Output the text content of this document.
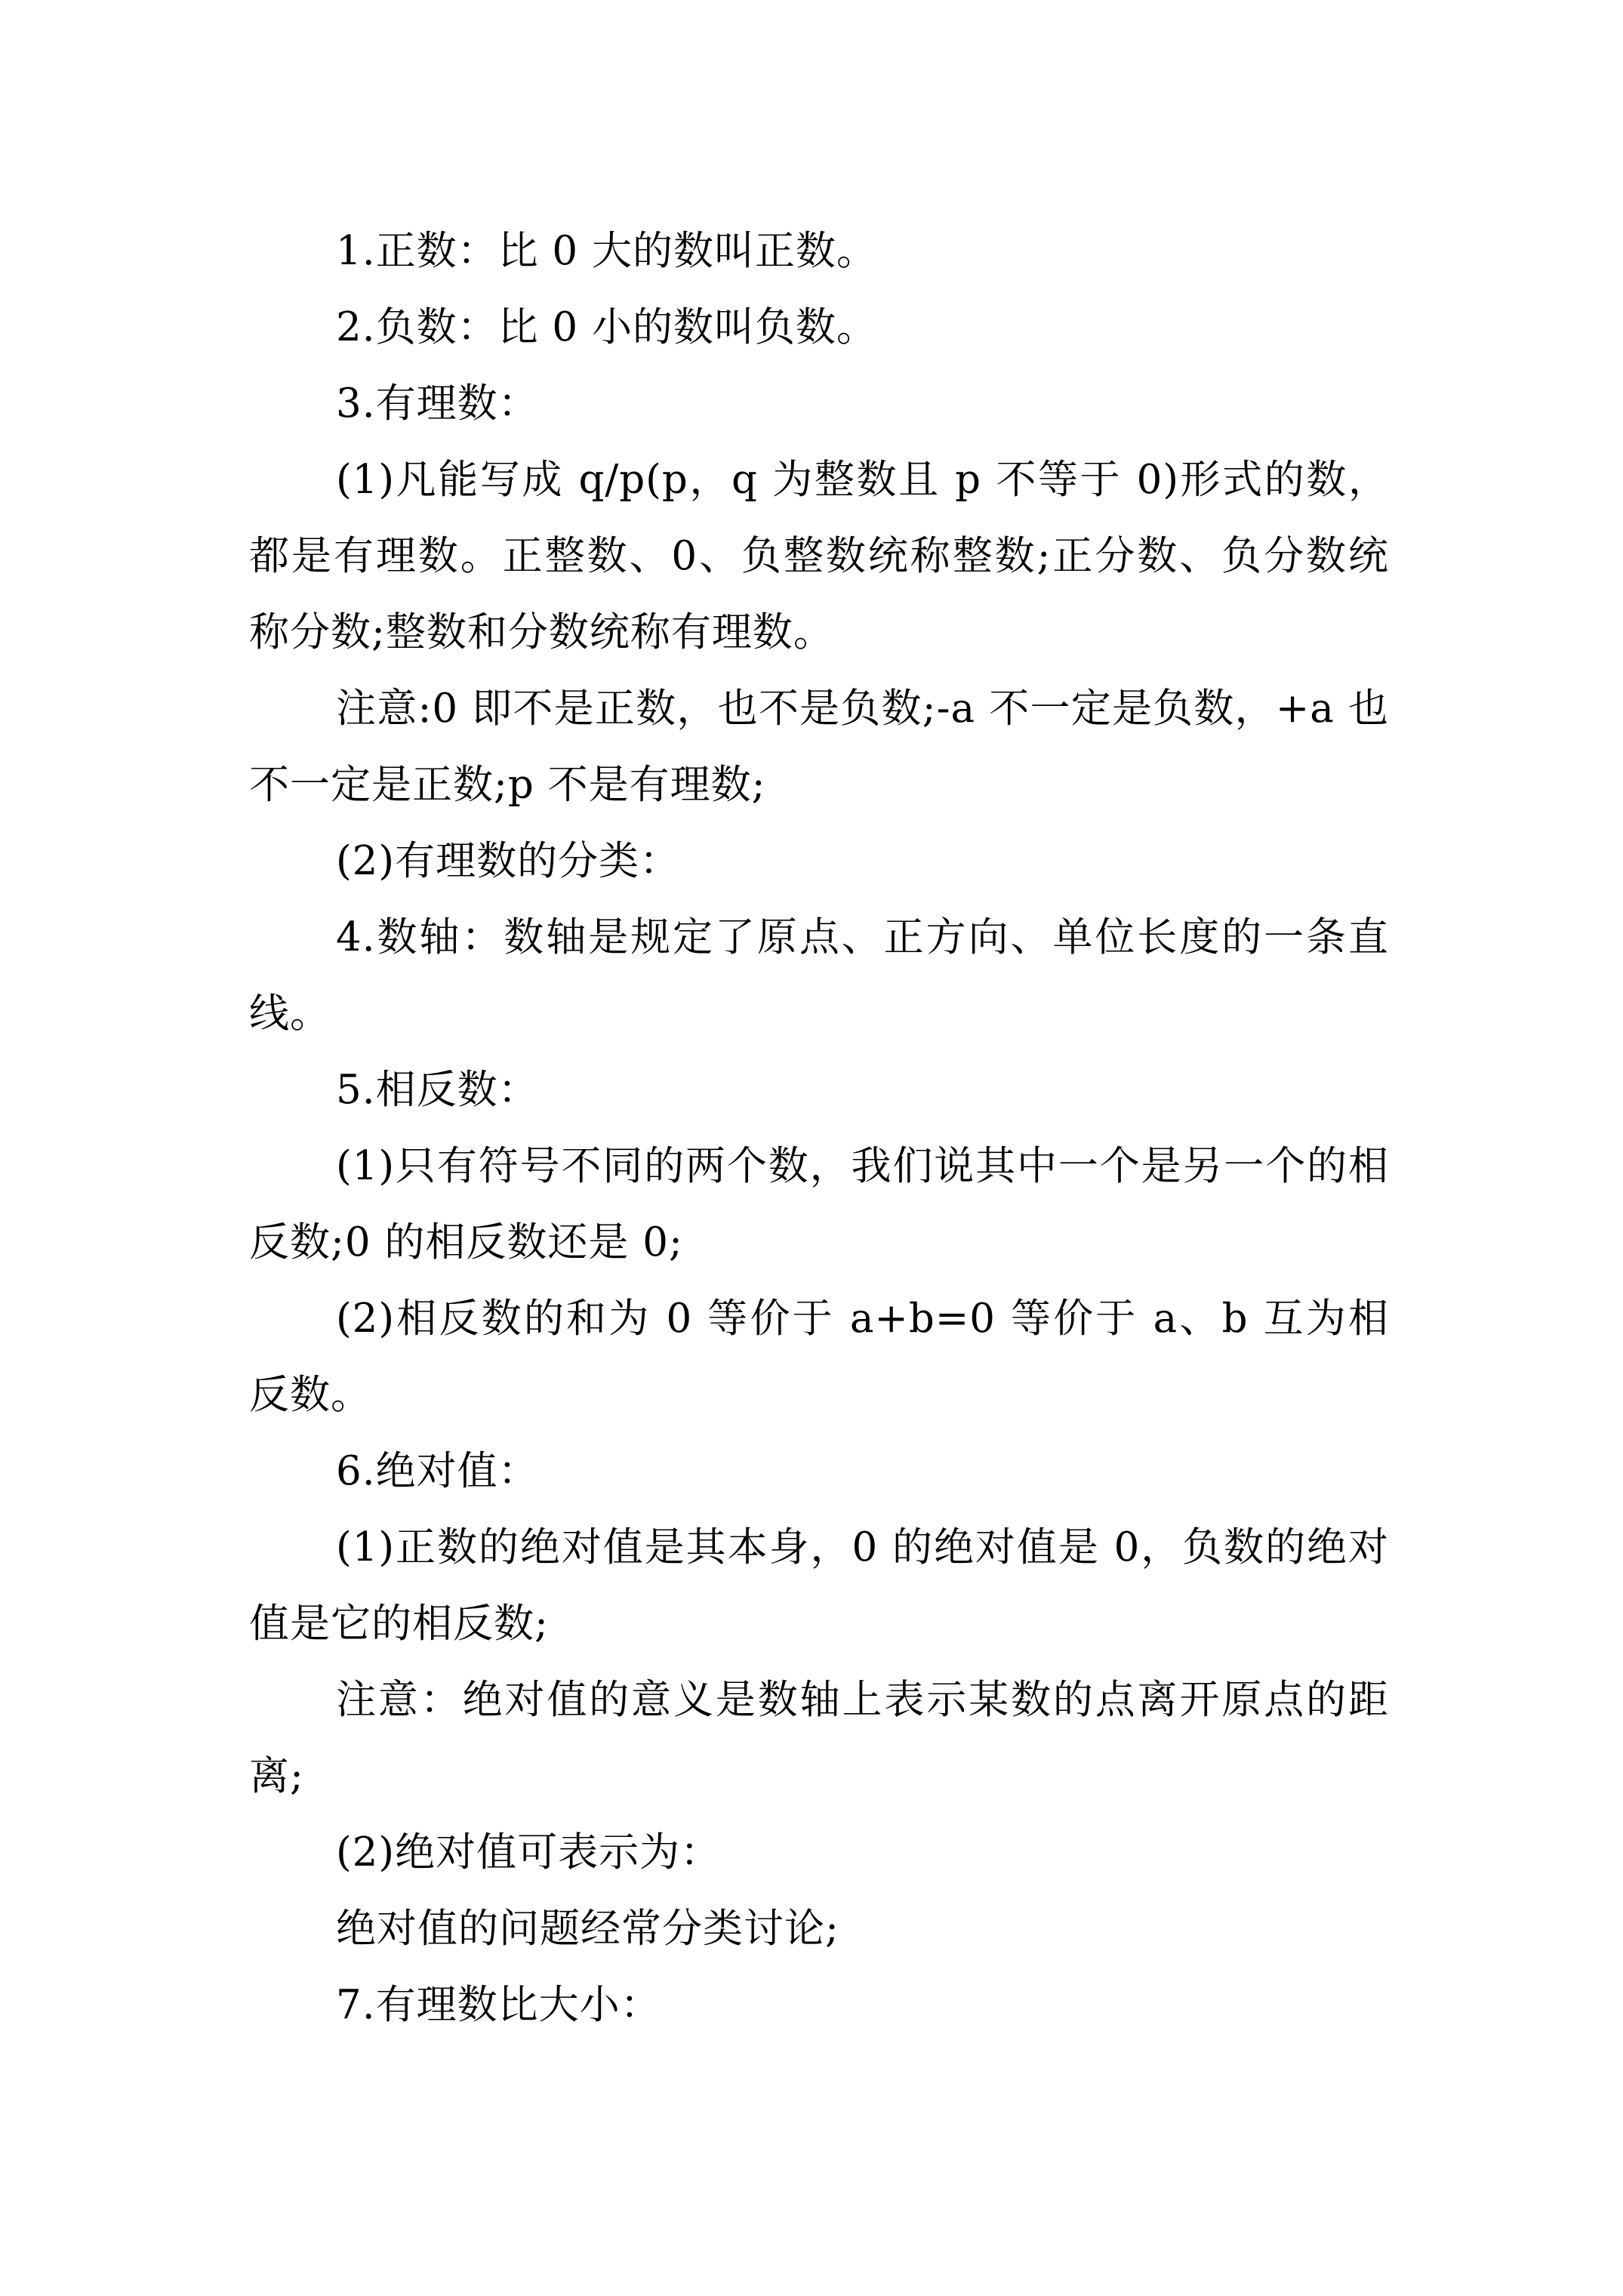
1.正数：比 0 大的数叫正数。

2.负数：比 0 小的数叫负数。

3.有理数：

(1)凡能写成 q/p(p，q 为整数且 p 不等于 0)形式的数，都是有理数。正整数、0、负整数统称整数;正分数、负分数统称分数;整数和分数统称有理数。

注意:0 即不是正数，也不是负数;-a 不一定是负数，+a 也不一定是正数;p 不是有理数;

(2)有理数的分类：

4.数轴：数轴是规定了原点、正方向、单位长度的一条直线。

5.相反数：

(1)只有符号不同的两个数，我们说其中一个是另一个的相反数;0 的相反数还是 0;

(2)相反数的和为 0 等价于 a+b=0 等价于 a、b 互为相反数。

6.绝对值：

(1)正数的绝对值是其本身，0 的绝对值是 0，负数的绝对值是它的相反数;

注意：绝对值的意义是数轴上表示某数的点离开原点的距离;

(2)绝对值可表示为：

绝对值的问题经常分类讨论;

7.有理数比大小：
